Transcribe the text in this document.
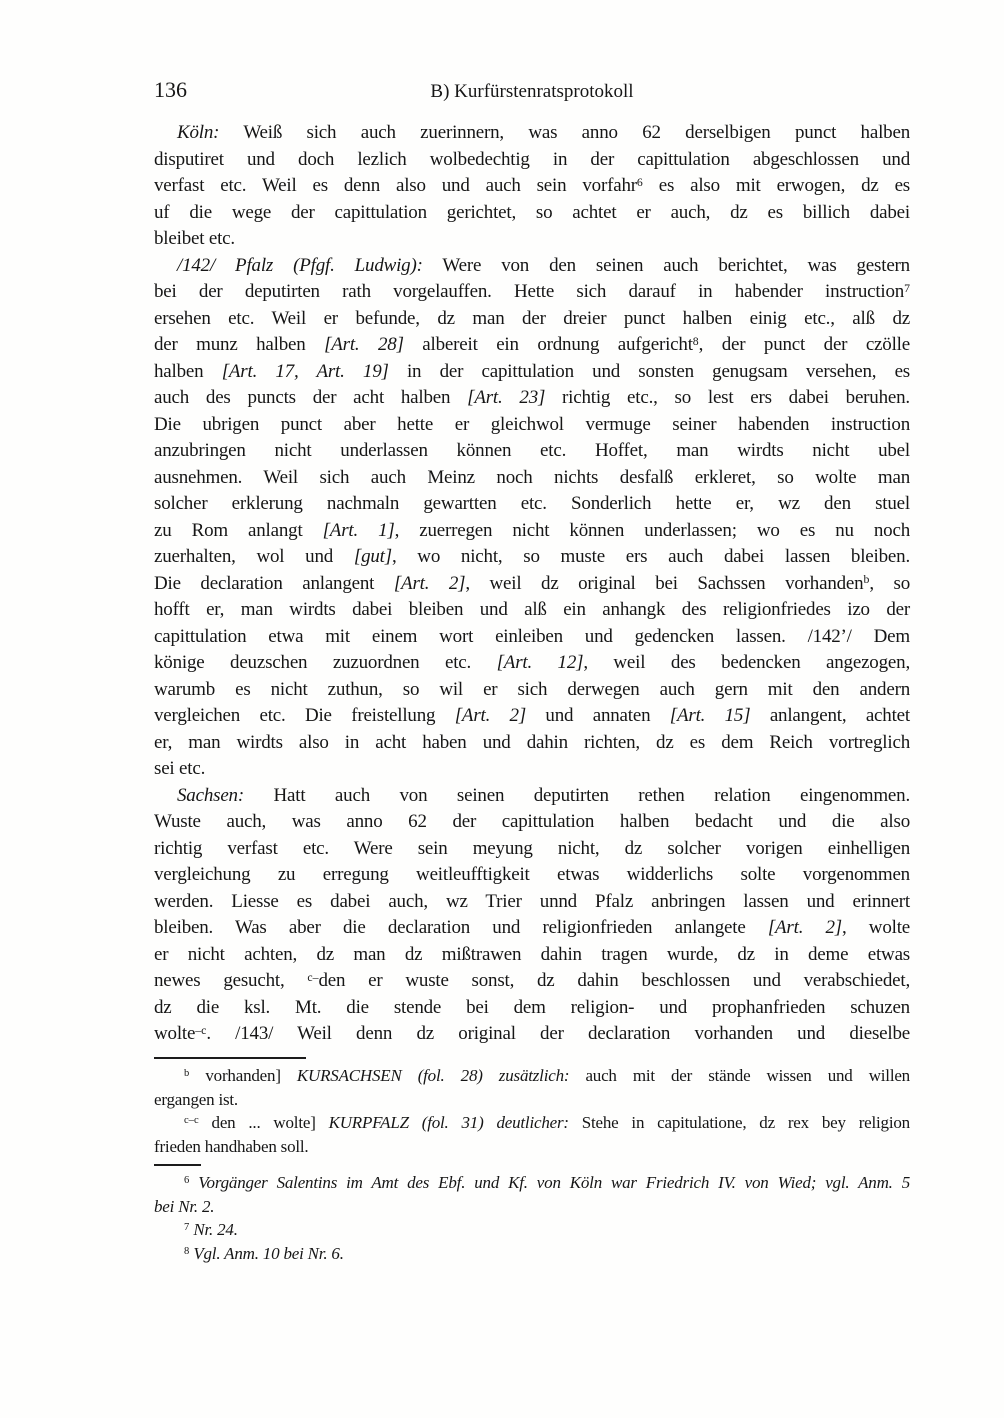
136	B) Kurfürstenratsprotokoll
Köln: Weiß sich auch zuerinnern, was anno 62 derselbigen punct halben
disputiret und doch lezlich wolbedechtig in der capittulation abgeschlossen und
verfast etc. Weil es denn also und auch sein vorfahr$^6$ es also mit erwogen, dz es
uf die wege der capittulation gerichtet, so achtet er auch, dz es billich dabei
bleibet etc.
/142/ Pfalz (Pfgf. Ludwig): Were von den seinen auch berichtet, was gestern
bei der deputirten rath vorgelauffen. Hette sich darauf in habender instruction$^7$
ersehen etc. Weil er befunde, dz man der dreier punct halben einig etc., alß dz
der munz halben [Art. 28] albereit ein ordnung aufgericht$^8$, der punct der czölle
halben [Art. 17, Art. 19] in der capittulation und sonsten genugsam versehen, es
auch des puncts der acht halben [Art. 23] richtig etc., so lest ers dabei beruhen.
Die ubrigen punct aber hette er gleichwol vermuge seiner habenden instruction
anzubringen nicht underlassen können etc. Hoffet, man wirdts nicht ubel
ausnehmen. Weil sich auch Meinz noch nichts desfalß erkleret, so wolte man
solcher erklerung nachmaln gewartten etc. Sonderlich hette er, wz den stuel
zu Rom anlangt [Art. 1], zuerregen nicht können underlassen; wo es nu noch
zuerhalten, wol und [gut], wo nicht, so muste ers auch dabei lassen bleiben.
Die declaration anlangent [Art. 2], weil dz original bei Sachssen vorhanden$^b$, so
hofft er, man wirdts dabei bleiben und alß ein anhangk des religionfriedes izo der
capittulation etwa mit einem wort einleiben und gedencken lassen. /142’/ Dem
könige deuzschen zuzuordnen etc. [Art. 12], weil des bedencken angezogen,
warumb es nicht zuthun, so wil er sich derwegen auch gern mit den andern
vergleichen etc. Die freistellung [Art. 2] und annaten [Art. 15] anlangent, achtet
er, man wirdts also in acht haben und dahin richten, dz es dem Reich vortreglich
sei etc.
Sachsen: Hatt auch von seinen deputirten rethen relation eingenommen.
Wuste auch, was anno 62 der capittulation halben bedacht und die also
richtig verfast etc. Were sein meyung nicht, dz solcher vorigen einhelligen
vergleichung zu erregung weitleufftigkeit etwas widderlichs solte vorgenommen
werden. Liesse es dabei auch, wz Trier unnd Pfalz anbringen lassen und erinnert
bleiben. Was aber die declaration und religionfrieden anlangete [Art. 2], wolte
er nicht achten, dz man dz mißtrawen dahin tragen wurde, dz in deme etwas
newes gesucht, $^{c-}$den er wuste sonst, dz dahin beschlossen und verabschiedet,
dz die ksl. Mt. die stende bei dem religion- und prophanfrieden schuzen
wolte$^{-c}$. /143/ Weil denn dz original der declaration vorhanden und dieselbe
$^b$ vorhanden] KURSACHSEN (fol. 28) zusätzlich: auch mit der stände wissen und willen
ergangen ist.
$^{c-c}$ den ... wolte] KURPFALZ (fol. 31) deutlicher: Stehe in capitulatione, dz rex bey religion
frieden handhaben soll.
$^6$ Vorgänger Salentins im Amt des Ebf. und Kf. von Köln war Friedrich IV. von Wied; vgl. Anm. 5
bei Nr. 2.
$^7$ Nr. 24.
$^8$ Vgl. Anm. 10 bei Nr. 6.
